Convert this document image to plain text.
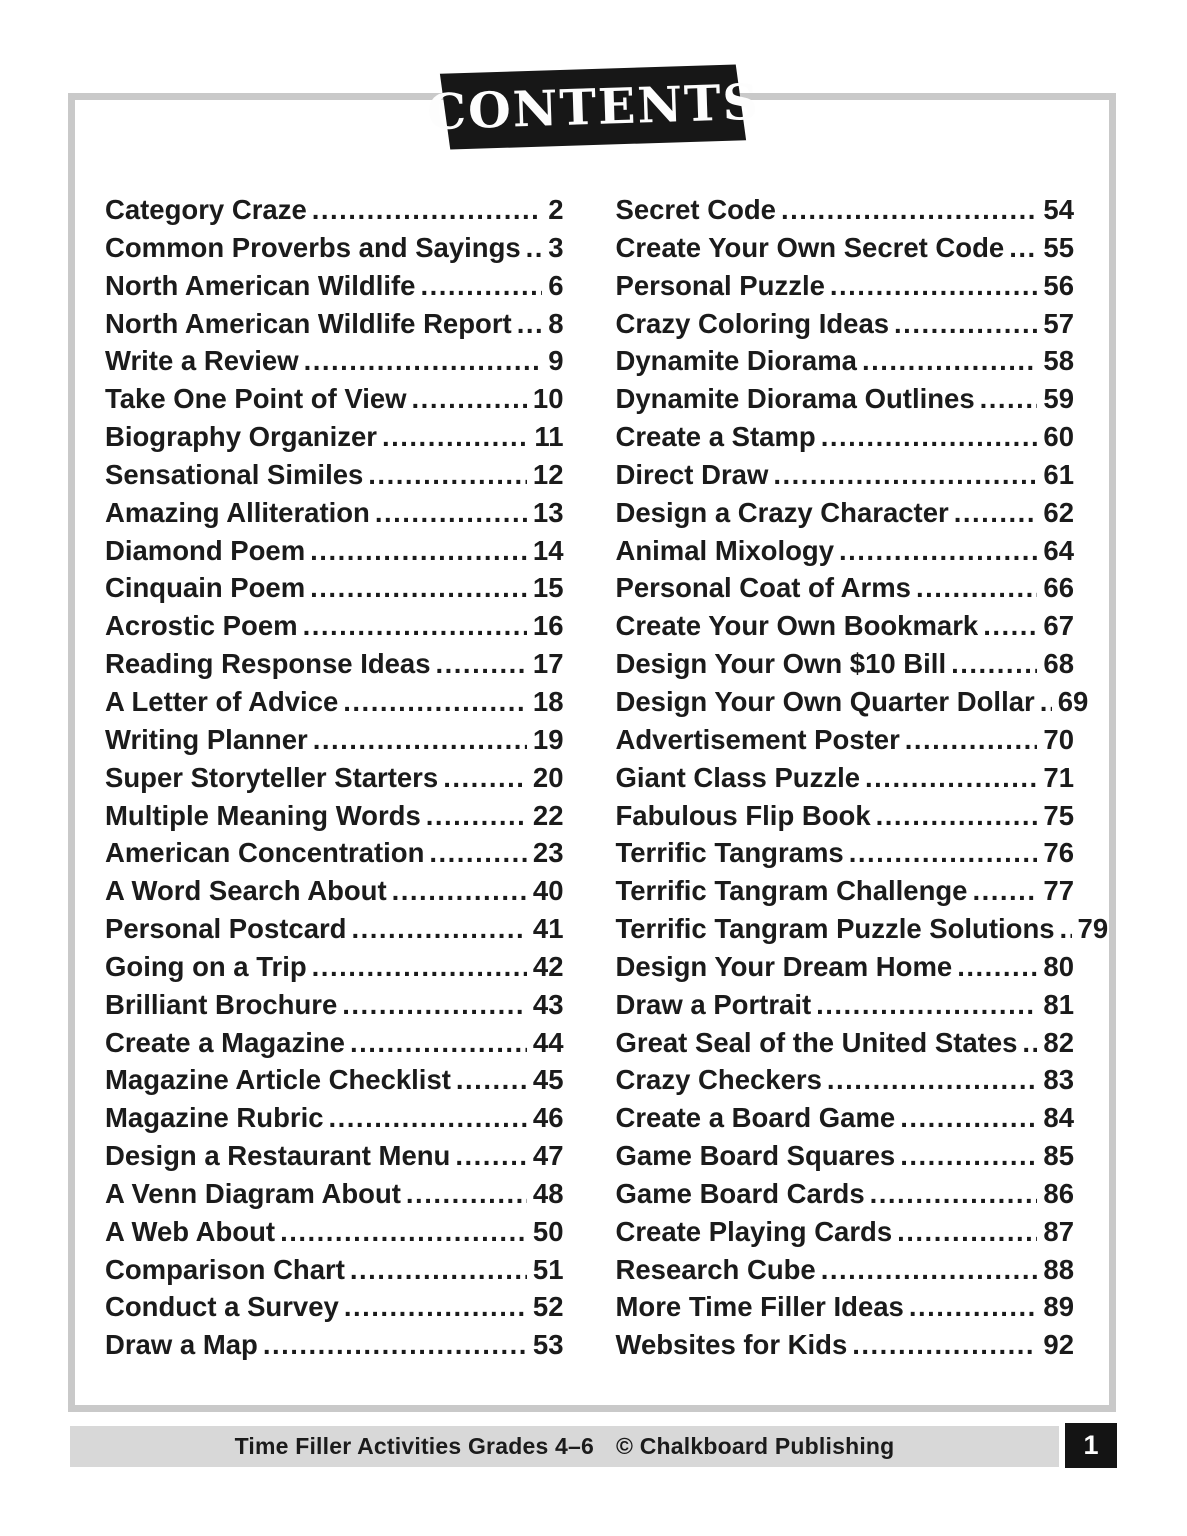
CONTENTS
Category Craze .....	2
Common Proverbs and Sayings ..... 3
North American Wildlife .....	6
North American Wildlife Report ..... 8
Write a Review .....	9
Take One Point of View .....	10
Biography Organizer .....	11
Sensational Similes .....	12
Amazing Alliteration .....	13
Diamond Poem .....	14
Cinquain Poem .....	15
Acrostic Poem .....	16
Reading Response Ideas .....	17
A Letter of Advice .....	18
Writing Planner .....	19
Super Storyteller Starters .....	20
Multiple Meaning Words .....	22
American Concentration .....	23
A Word Search About .....	40
Personal Postcard .....	41
Going on a Trip .....	42
Brilliant Brochure .....	43
Create a Magazine .....	44
Magazine Article Checklist .....	45
Magazine Rubric .....	46
Design a Restaurant Menu .....	47
A Venn Diagram About .....	48
A Web About .....	50
Comparison Chart .....	51
Conduct a Survey .....	52
Draw a Map .....	53
Secret Code .....	54
Create Your Own Secret Code ..... 55
Personal Puzzle .....	56
Crazy Coloring Ideas .....	57
Dynamite Diorama .....	58
Dynamite Diorama Outlines .....	59
Create a Stamp .....	60
Direct Draw .....	61
Design a Crazy Character .....	62
Animal Mixology .....	64
Personal Coat of Arms .....	66
Create Your Own Bookmark ..... 67
Design Your Own $10 Bill .....	68
Design Your Own Quarter Dollar ..... 69
Advertisement Poster .....	70
Giant Class Puzzle .....	71
Fabulous Flip Book .....	75
Terrific Tangrams .....	76
Terrific Tangram Challenge .....	77
Terrific Tangram Puzzle Solutions ..... 79
Design Your Dream Home .....	80
Draw a Portrait .....	81
Great Seal of the United States ..... 82
Crazy Checkers .....	83
Create a Board Game .....	84
Game Board Squares .....	85
Game Board Cards .....	86
Create Playing Cards .....	87
Research Cube .....	88
More Time Filler Ideas .....	89
Websites for Kids .....	92
Time Filler Activities Grades 4–6 © Chalkboard Publishing	1
